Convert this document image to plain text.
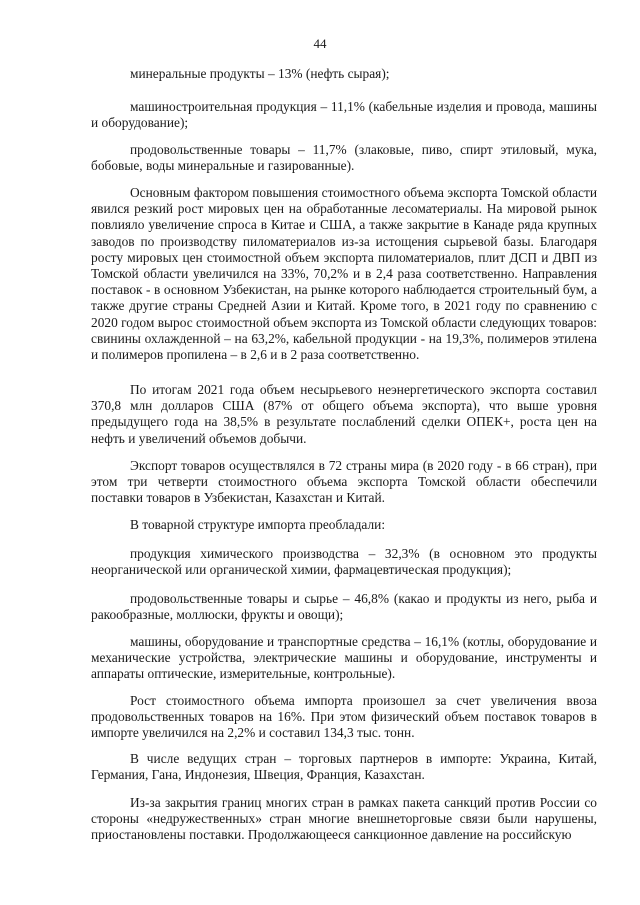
44

минеральные продукты – 13% (нефть сырая);

машиностроительная продукция – 11,1% (кабельные изделия и провода, машины и оборудование);

продовольственные товары – 11,7% (злаковые, пиво, спирт этиловый, мука, бобовые, воды минеральные и газированные).

Основным фактором повышения стоимостного объема экспорта Томской области явился резкий рост мировых цен на обработанные лесоматериалы. На мировой рынок повлияло увеличение спроса в Китае и США, а также закрытие в Канаде ряда крупных заводов по производству пиломатериалов из-за истощения сырьевой базы. Благодаря росту мировых цен стоимостной объем экспорта пиломатериалов, плит ДСП и ДВП из Томской области увеличился на 33%, 70,2% и в 2,4 раза соответственно. Направления поставок - в основном Узбекистан, на рынке которого наблюдается строительный бум, а также другие страны Средней Азии и Китай. Кроме того, в 2021 году по сравнению с 2020 годом вырос стоимостной объем экспорта из Томской области следующих товаров: свинины охлажденной – на 63,2%, кабельной продукции - на 19,3%, полимеров этилена и полимеров пропилена – в 2,6 и в 2 раза соответственно.

По итогам 2021 года объем несырьевого неэнергетического экспорта составил 370,8 млн долларов США (87% от общего объема экспорта), что выше уровня предыдущего года на 38,5% в результате послаблений сделки ОПЕК+, роста цен на нефть и увеличений объемов добычи.

Экспорт товаров осуществлялся в 72 страны мира (в 2020 году - в 66 стран), при этом три четверти стоимостного объема экспорта Томской области обеспечили поставки товаров в Узбекистан, Казахстан и Китай.

В товарной структуре импорта преобладали:

продукция химического производства – 32,3% (в основном это продукты неорганической или органической химии, фармацевтическая продукция);

продовольственные товары и сырье – 46,8% (какао и продукты из него, рыба и ракообразные, моллюски, фрукты и овощи);

машины, оборудование и транспортные средства – 16,1% (котлы, оборудование и механические устройства, электрические машины и оборудование, инструменты и аппараты оптические, измерительные, контрольные).

Рост стоимостного объема импорта произошел за счет увеличения ввоза продовольственных товаров на 16%. При этом физический объем поставок товаров в импорте увеличился на 2,2% и составил 134,3 тыс. тонн.

В числе ведущих стран – торговых партнеров в импорте: Украина, Китай, Германия, Гана, Индонезия, Швеция, Франция, Казахстан.

Из-за закрытия границ многих стран в рамках пакета санкций против России со стороны «недружественных» стран многие внешнеторговые связи были нарушены, приостановлены поставки. Продолжающееся санкционное давление на российскую
